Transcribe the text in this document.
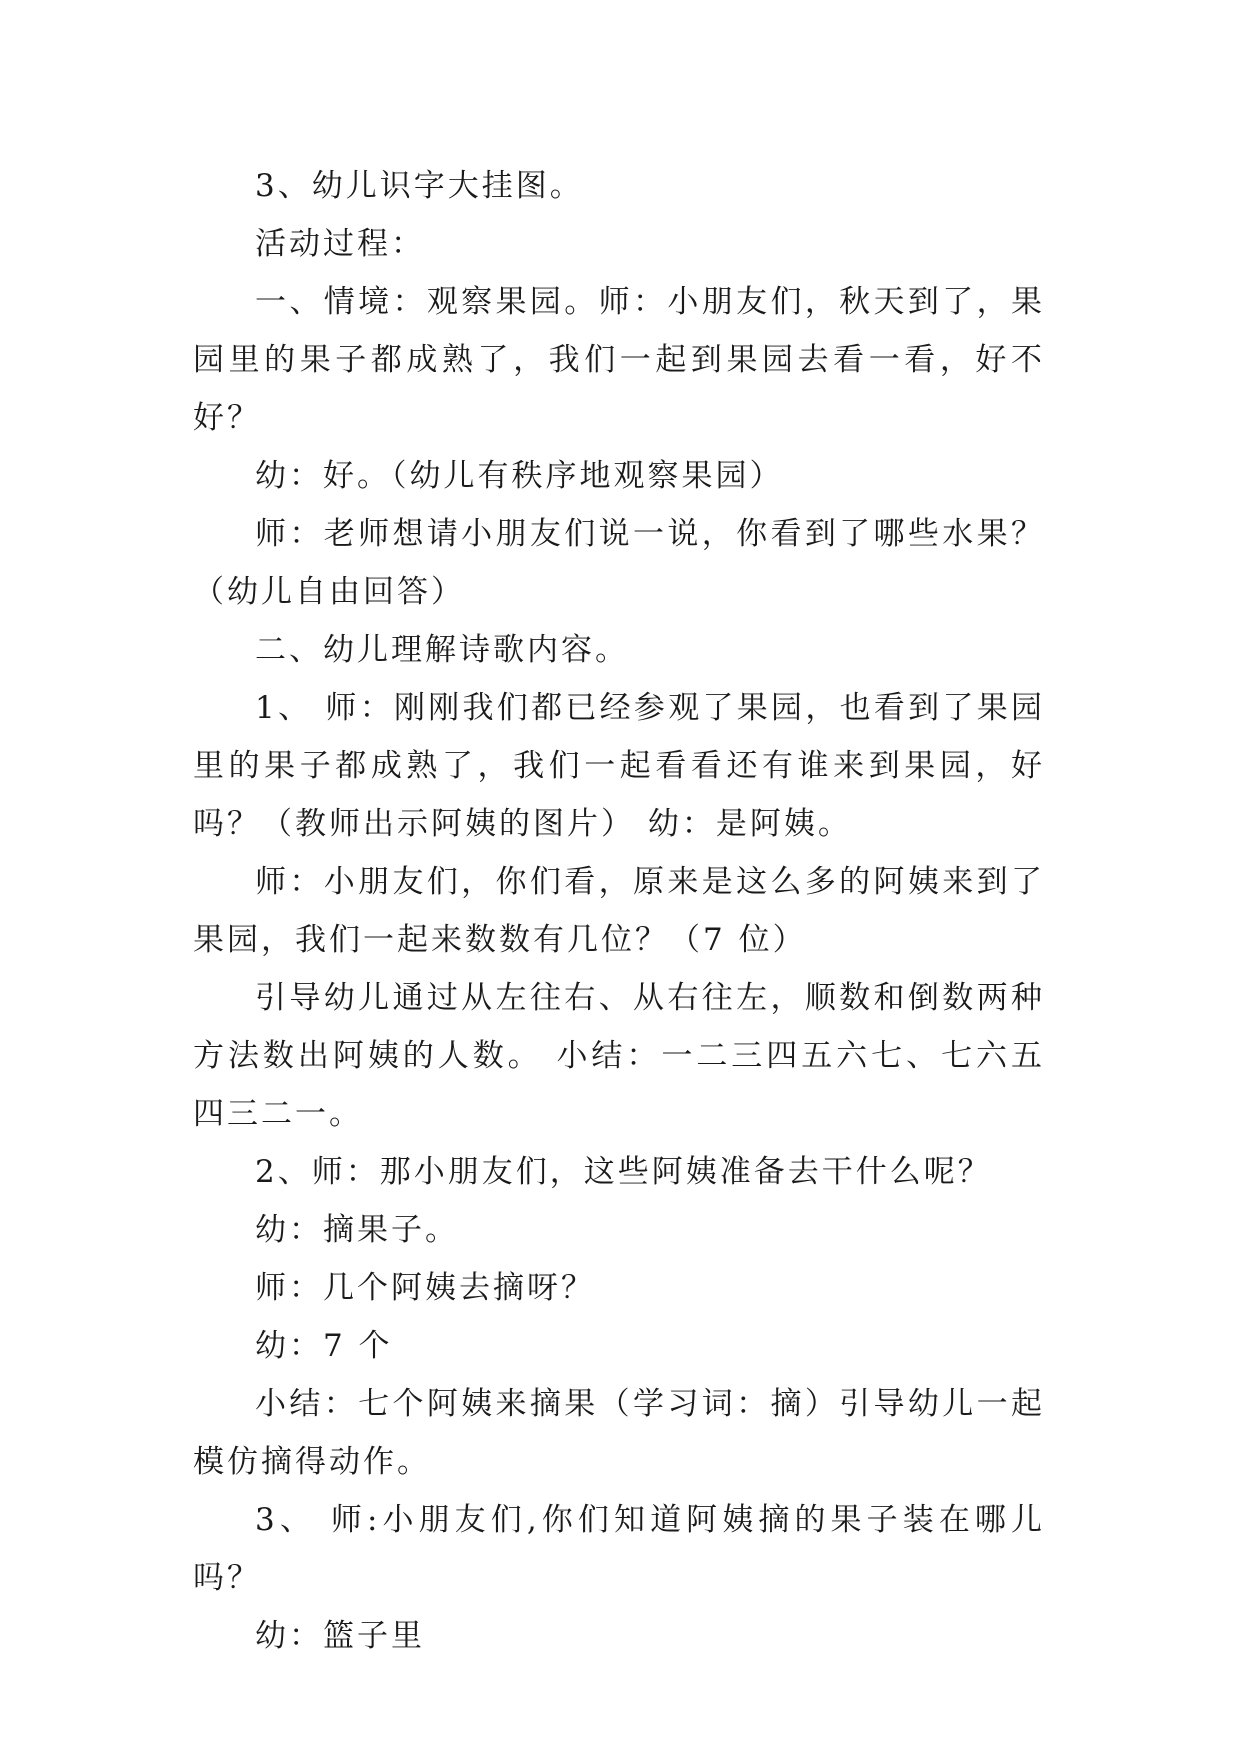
3、幼儿识字大挂图。

活动过程：

一、情境：观察果园。师：小朋友们，秋天到了，果园里的果子都成熟了，我们一起到果园去看一看，好不好？

幼：好。（幼儿有秩序地观察果园）

师：老师想请小朋友们说一说，你看到了哪些水果？（幼儿自由回答）

二、幼儿理解诗歌内容。

1、 师：刚刚我们都已经参观了果园，也看到了果园里的果子都成熟了，我们一起看看还有谁来到果园，好吗？（教师出示阿姨的图片） 幼：是阿姨。

师：小朋友们，你们看，原来是这么多的阿姨来到了果园，我们一起来数数有几位？（7 位）

引导幼儿通过从左往右、从右往左，顺数和倒数两种方法数出阿姨的人数。 小结：一二三四五六七、七六五四三二一。

2、师：那小朋友们，这些阿姨准备去干什么呢？

幼：摘果子。

师：几个阿姨去摘呀？

幼：7 个

小结：七个阿姨来摘果（学习词：摘）引导幼儿一起模仿摘得动作。

3、 师:小朋友们,你们知道阿姨摘的果子装在哪儿吗？

幼：篮子里
